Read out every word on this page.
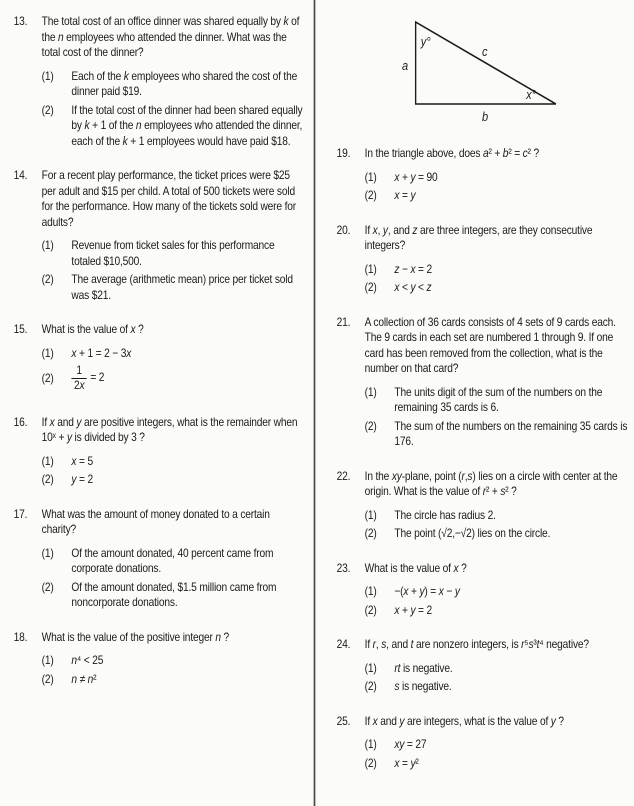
13.	The total cost of an office dinner was shared equally by k of the n employees who attended the dinner. What was the total cost of the dinner?

(1)	Each of the k employees who shared the cost of the dinner paid $19.
(2)	If the total cost of the dinner had been shared equally by k + 1 of the n employees who attended the dinner, each of the k + 1 employees would have paid $18.
14.	For a recent play performance, the ticket prices were $25 per adult and $15 per child. A total of 500 tickets were sold for the performance. How many of the tickets sold were for adults?

(1)	Revenue from ticket sales for this performance totaled $10,500.
(2)	The average (arithmetic mean) price per ticket sold was $21.
15.	What is the value of x ?

(1)	x + 1 = 2 − 3x
(2)	$\frac{1}{2x} = 2$
16.	If x and y are positive integers, what is the remainder when 10ˣ + y is divided by 3 ?

(1)	x = 5
(2)	y = 2
17.	What was the amount of money donated to a certain charity?

(1)	Of the amount donated, 40 percent came from corporate donations.
(2)	Of the amount donated, $1.5 million came from noncorporate donations.
18.	What is the value of the positive integer n ?

(1)	n⁴ < 25
(2)	n ≠ n²
y°
a
c
x°
b
19.	In the triangle above, does a² + b² = c² ?

(1)	x + y = 90
(2)	x = y
20.	If x, y, and z are three integers, are they consecutive integers?

(1)	z − x = 2
(2)	x < y < z
21.	A collection of 36 cards consists of 4 sets of 9 cards each. The 9 cards in each set are numbered 1 through 9. If one card has been removed from the collection, what is the number on that card?

(1)	The units digit of the sum of the numbers on the remaining 35 cards is 6.
(2)	The sum of the numbers on the remaining 35 cards is 176.
22.	In the xy-plane, point (r,s) lies on a circle with center at the origin. What is the value of r² + s² ?

(1)	The circle has radius 2.
(2)	The point (√2,−√2) lies on the circle.
23.	What is the value of x ?

(1)	−(x + y) = x − y
(2)	x + y = 2
24.	If r, s, and t are nonzero integers, is r⁵s³t⁴ negative?

(1)	rt is negative.
(2)	s is negative.
25.	If x and y are integers, what is the value of y ?

(1)	xy = 27
(2)	x = y²
